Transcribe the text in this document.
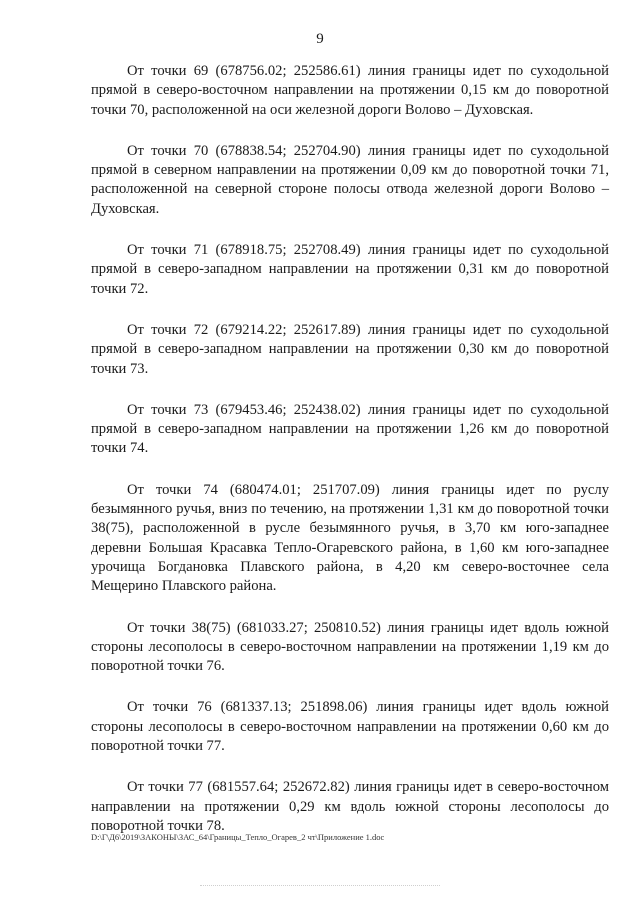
9

От точки 69 (678756.02; 252586.61) линия границы идет по суходольной прямой в северо-восточном направлении на протяжении 0,15 км до поворотной точки 70, расположенной на оси железной дороги Волово – Духовская.

От точки 70 (678838.54; 252704.90) линия границы идет по суходольной прямой в северном направлении на протяжении 0,09 км до поворотной точки 71, расположенной на северной стороне полосы отвода железной дороги Волово – Духовская.

От точки 71 (678918.75; 252708.49) линия границы идет по суходольной прямой в северо-западном направлении на протяжении 0,31 км до поворотной точки 72.

От точки 72 (679214.22; 252617.89) линия границы идет по суходольной прямой в северо-западном направлении на протяжении 0,30 км до поворотной точки 73.

От точки 73 (679453.46; 252438.02) линия границы идет по суходольной прямой в северо-западном направлении на протяжении 1,26 км до поворотной точки 74.

От точки 74 (680474.01; 251707.09) линия границы идет по руслу безымянного ручья, вниз по течению, на протяжении 1,31 км до поворотной точки 38(75), расположенной в русле безымянного ручья, в 3,70 км юго-западнее деревни Большая Красавка Тепло-Огаревского района, в 1,60 км юго-западнее урочища Богдановка Плавского района, в 4,20 км северо-восточнее села Мещерино Плавского района.

От точки 38(75) (681033.27; 250810.52) линия границы идет вдоль южной стороны лесополосы в северо-восточном направлении на протяжении 1,19 км до поворотной точки 76.

От точки 76 (681337.13; 251898.06) линия границы идет вдоль южной стороны лесополосы в северо-восточном направлении на протяжении 0,60 км до поворотной точки 77.

От точки 77 (681557.64; 252672.82) линия границы идет в северо-восточном направлении на протяжении 0,29 км вдоль южной стороны лесополосы до поворотной точки 78.

D:\Г\Д6\2019\ЗАКОНЫ\ЗАС_64\Границы_Тепло_Огарев_2 чт\Приложение 1.doc
